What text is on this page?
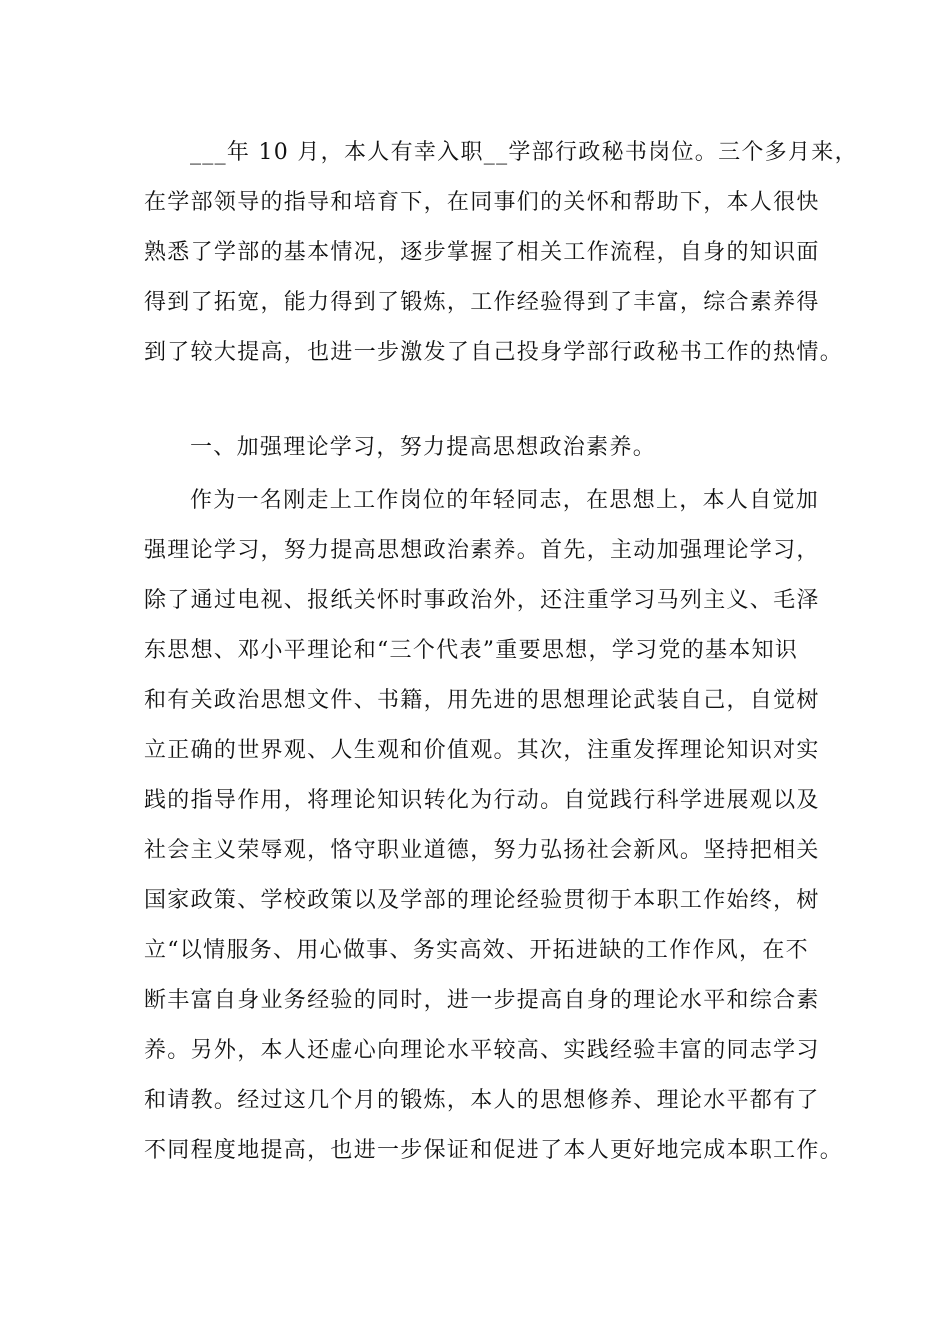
___年 10 月，本人有幸入职__学部行政秘书岗位。三个多月来，
在学部领导的指导和培育下，在同事们的关怀和帮助下，本人很快
熟悉了学部的基本情况，逐步掌握了相关工作流程，自身的知识面
得到了拓宽，能力得到了锻炼，工作经验得到了丰富，综合素养得
到了较大提高，也进一步激发了自己投身学部行政秘书工作的热情。
一、加强理论学习，努力提高思想政治素养。
作为一名刚走上工作岗位的年轻同志，在思想上，本人自觉加
强理论学习，努力提高思想政治素养。首先，主动加强理论学习，
除了通过电视、报纸关怀时事政治外，还注重学习马列主义、毛泽
东思想、邓小平理论和“三个代表”重要思想，学习党的基本知识
和有关政治思想文件、书籍，用先进的思想理论武装自己，自觉树
立正确的世界观、人生观和价值观。其次，注重发挥理论知识对实
践的指导作用，将理论知识转化为行动。自觉践行科学进展观以及
社会主义荣辱观，恪守职业道德，努力弘扬社会新风。坚持把相关
国家政策、学校政策以及学部的理论经验贯彻于本职工作始终，树
立“以情服务、用心做事、务实高效、开拓进缺的工作作风，在不
断丰富自身业务经验的同时，进一步提高自身的理论水平和综合素
养。另外，本人还虚心向理论水平较高、实践经验丰富的同志学习
和请教。经过这几个月的锻炼，本人的思想修养、理论水平都有了
不同程度地提高，也进一步保证和促进了本人更好地完成本职工作。
